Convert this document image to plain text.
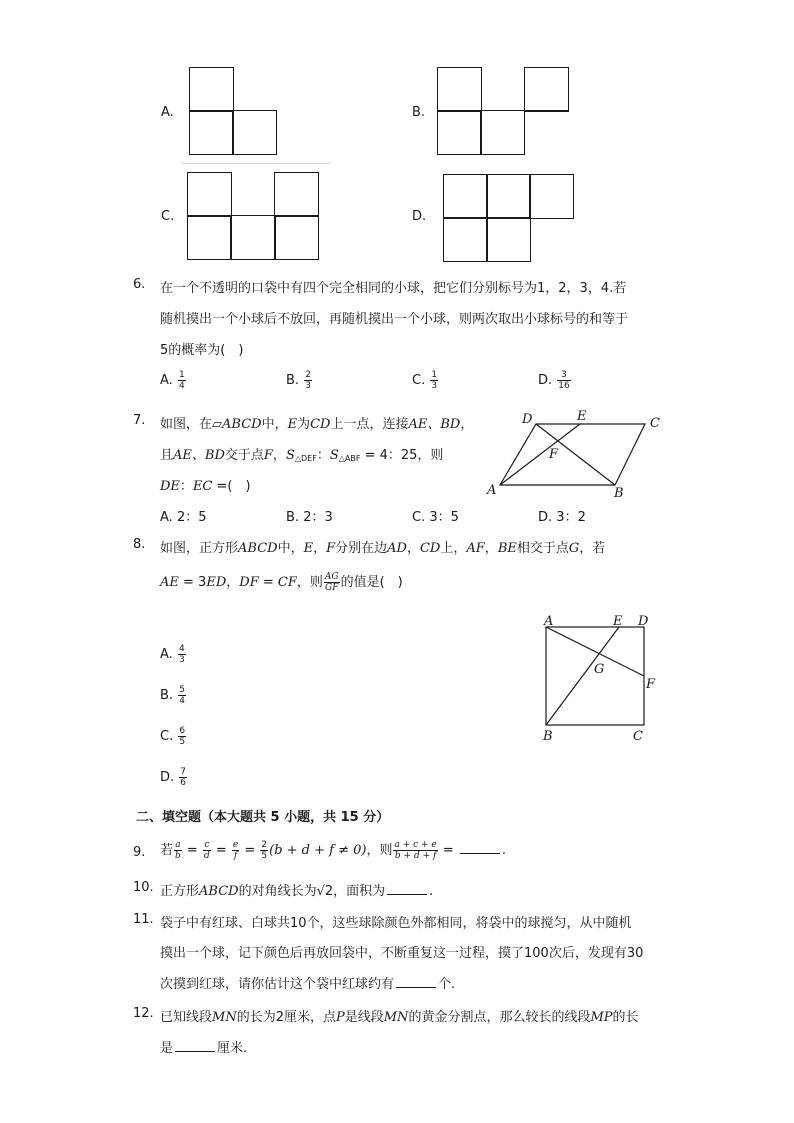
A.	B.
C.	D.
6. 在一个不透明的口袋中有四个完全相同的小球，把它们分别标号为1，2，3，4.若
随机摸出一个小球后不放回，再随机摸出一个小球，则两次取出小球标号的和等于
5的概率为(　)
A. $\frac{1}{4}$	B. $\frac{2}{3}$	C. $\frac{1}{3}$	D. $\frac{3}{16}$
7. 如图，在▱ABCD中，E为CD上一点，连接AE、BD，
且AE、BD交于点F，$S_{\triangle DEF}$：$S_{\triangle ABF} = 4$：25，则
DE：EC =(　)
A. 2：5	B. 2：3	C. 3：5	D. 3：2
D	E	C
F
A	B
8. 如图，正方形ABCD中，E，F分别在边AD，CD上，AF，BE相交于点G，若
AE = 3ED，DF = CF，则 $\frac{AG}{GF}$ 的值是(　)
A. $\frac{4}{3}$
B. $\frac{5}{4}$
C. $\frac{6}{5}$
D. $\frac{7}{6}$
A	E D
G
F
B	C
二、填空题（本大题共 5 小题，共 15 分）
9. 若 $\frac{a}{b} = \frac{c}{d} = \frac{e}{f} = \frac{2}{5} (b + d + f \ne 0)$，则 $\frac{a + c + e}{b + d + f}$ =	.
10. 正方形ABCD的对角线长为√2，面积为	.
11. 袋子中有红球、白球共10个，这些球除颜色外都相同，将袋中的球搅匀，从中随机
摸出一个球，记下颜色后再放回袋中，不断重复这一过程，摸了100次后，发现有30
次摸到红球，请你估计这个袋中红球约有	个.
12. 已知线段MN的长为2厘米，点P是线段MN的黄金分割点，那么较长的线段MP的长
是	厘米.
